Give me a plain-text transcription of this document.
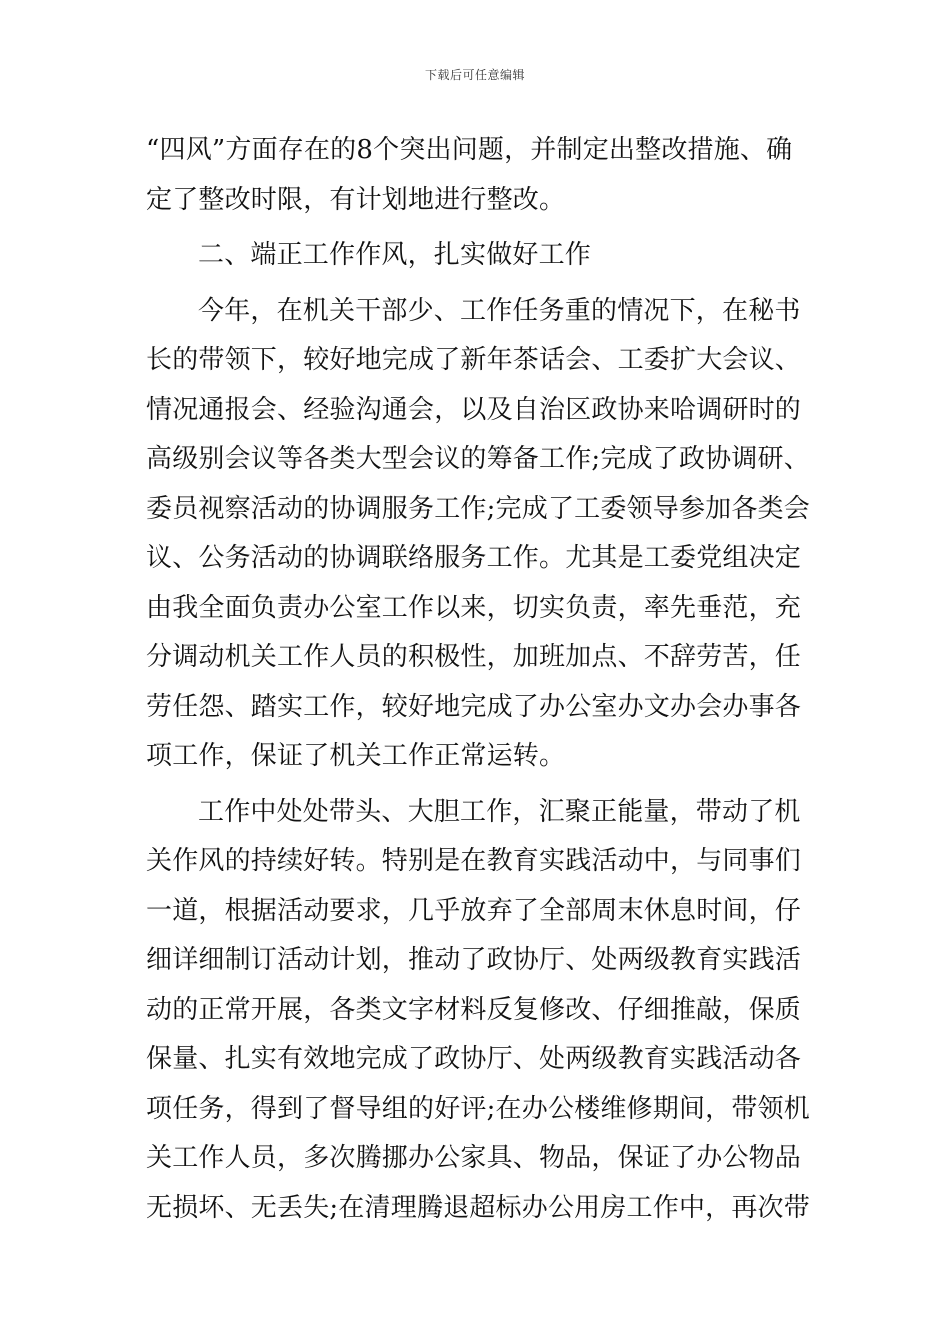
下载后可任意编辑
“四风”方面存在的8个突出问题，并制定出整改措施、确
定了整改时限，有计划地进行整改。
二、端正工作作风，扎实做好工作
今年，在机关干部少、工作任务重的情况下，在秘书
长的带领下，较好地完成了新年茶话会、工委扩大会议、
情况通报会、经验沟通会，以及自治区政协来哈调研时的
高级别会议等各类大型会议的筹备工作;完成了政协调研、
委员视察活动的协调服务工作;完成了工委领导参加各类会
议、公务活动的协调联络服务工作。尤其是工委党组决定
由我全面负责办公室工作以来，切实负责，率先垂范，充
分调动机关工作人员的积极性，加班加点、不辞劳苦，任
劳任怨、踏实工作，较好地完成了办公室办文办会办事各
项工作，保证了机关工作正常运转。
工作中处处带头、大胆工作，汇聚正能量，带动了机
关作风的持续好转。特别是在教育实践活动中，与同事们
一道，根据活动要求，几乎放弃了全部周末休息时间，仔
细详细制订活动计划，推动了政协厅、处两级教育实践活
动的正常开展，各类文字材料反复修改、仔细推敲，保质
保量、扎实有效地完成了政协厅、处两级教育实践活动各
项任务，得到了督导组的好评;在办公楼维修期间，带领机
关工作人员，多次腾挪办公家具、物品，保证了办公物品
无损坏、无丢失;在清理腾退超标办公用房工作中，再次带
